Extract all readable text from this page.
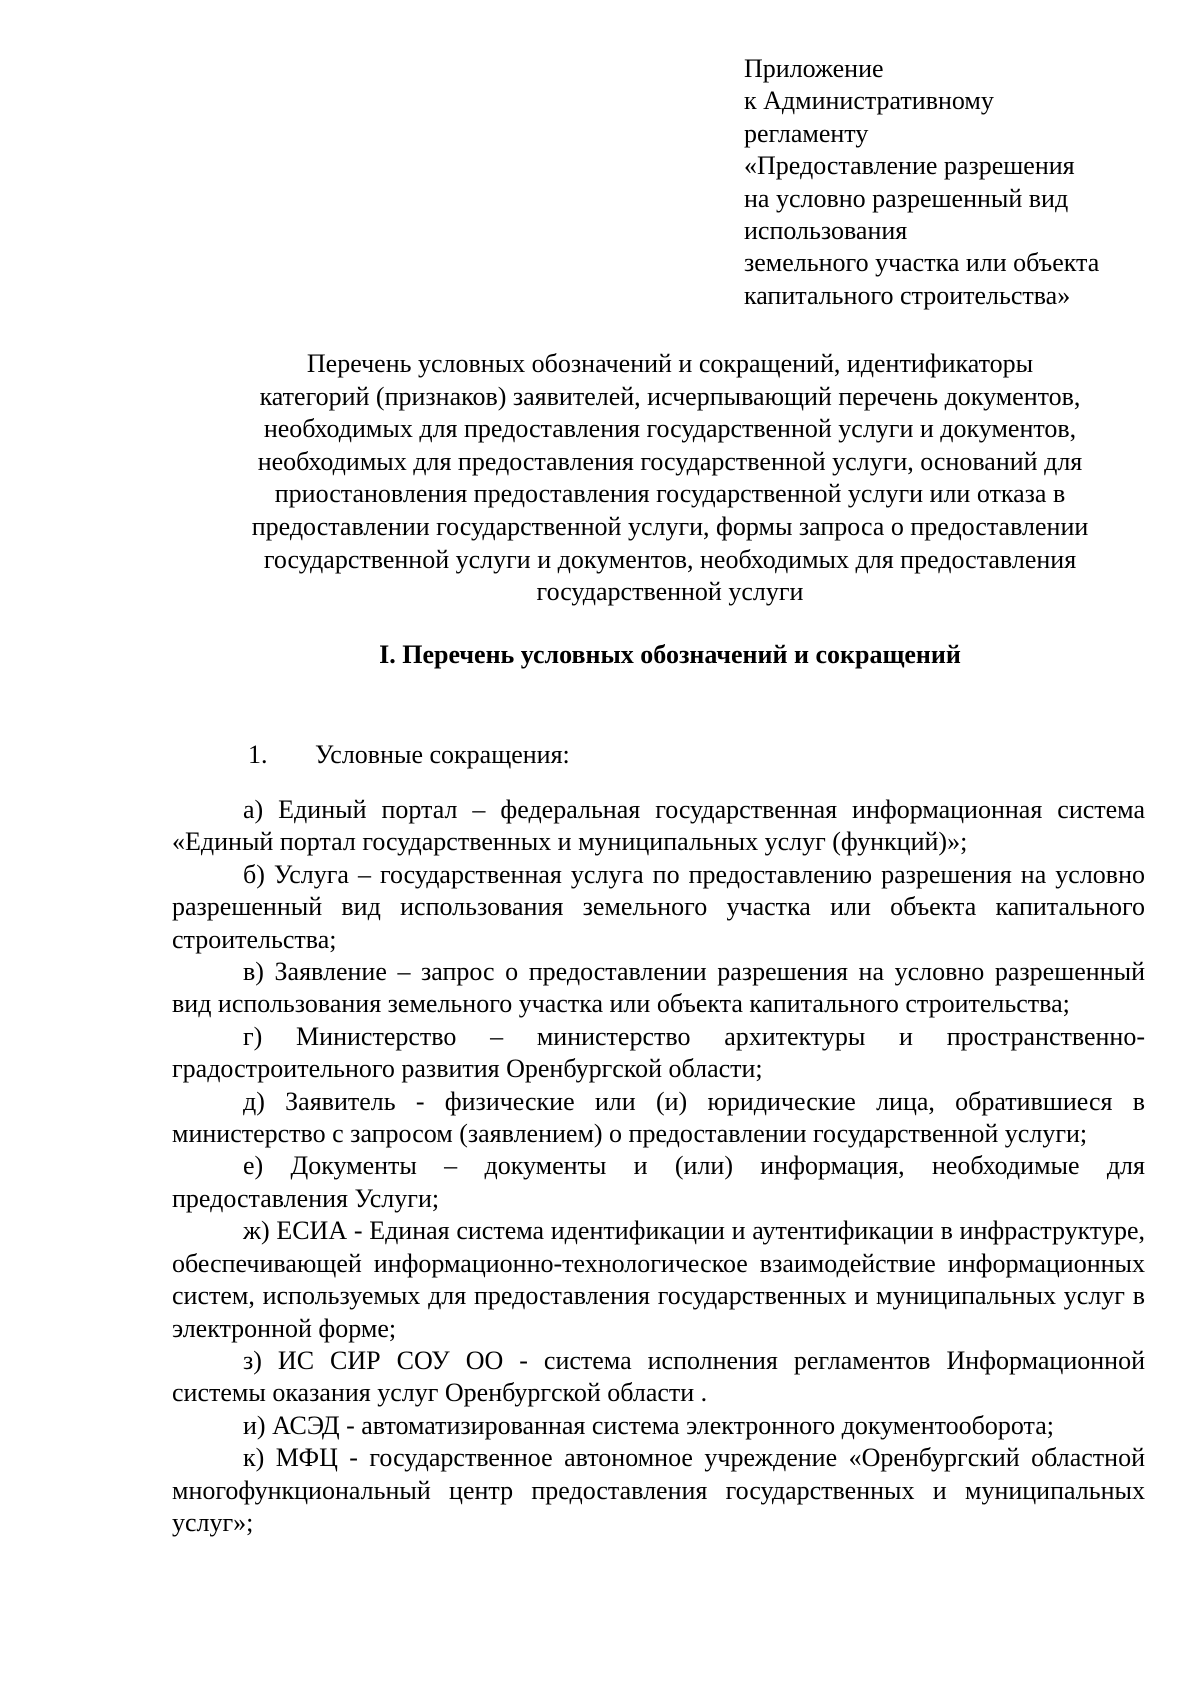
Приложение
к Административному
регламенту
«Предоставление разрешения
на условно разрешенный вид
использования
земельного участка или объекта
капитального строительства»
Перечень условных обозначений и сокращений, идентификаторы
категорий (признаков) заявителей, исчерпывающий перечень документов,
необходимых для предоставления государственной услуги и документов,
необходимых для предоставления государственной услуги, оснований для
приостановления предоставления государственной услуги или отказа в
предоставлении государственной услуги, формы запроса о предоставлении
государственной услуги и документов, необходимых для предоставления
государственной услуги
I. Перечень условных обозначений и сокращений
1. Условные сокращения:

а) Единый портал – федеральная государственная информационная система «Единый портал государственных и муниципальных услуг (функций)»;

б) Услуга – государственная услуга по предоставлению разрешения на условно разрешенный вид использования земельного участка или объекта капитального строительства;

в) Заявление – запрос о предоставлении разрешения на условно разрешенный вид использования земельного участка или объекта капитального строительства;

г) Министерство – министерство архитектуры и пространственно-градостроительного развития Оренбургской области;

д) Заявитель - физические или (и) юридические лица, обратившиеся в министерство с запросом (заявлением) о предоставлении государственной услуги;

е) Документы – документы и (или) информация, необходимые для предоставления Услуги;

ж) ЕСИА - Единая система идентификации и аутентификации в инфраструктуре, обеспечивающей информационно-технологическое взаимодействие информационных систем, используемых для предоставления государственных и муниципальных услуг в электронной форме;

з) ИС СИР СОУ ОО - система исполнения регламентов Информационной системы оказания услуг Оренбургской области .

и) АСЭД - автоматизированная система электронного документооборота;

к) МФЦ - государственное автономное учреждение «Оренбургский областной многофункциональный центр предоставления государственных и муниципальных услуг»;
